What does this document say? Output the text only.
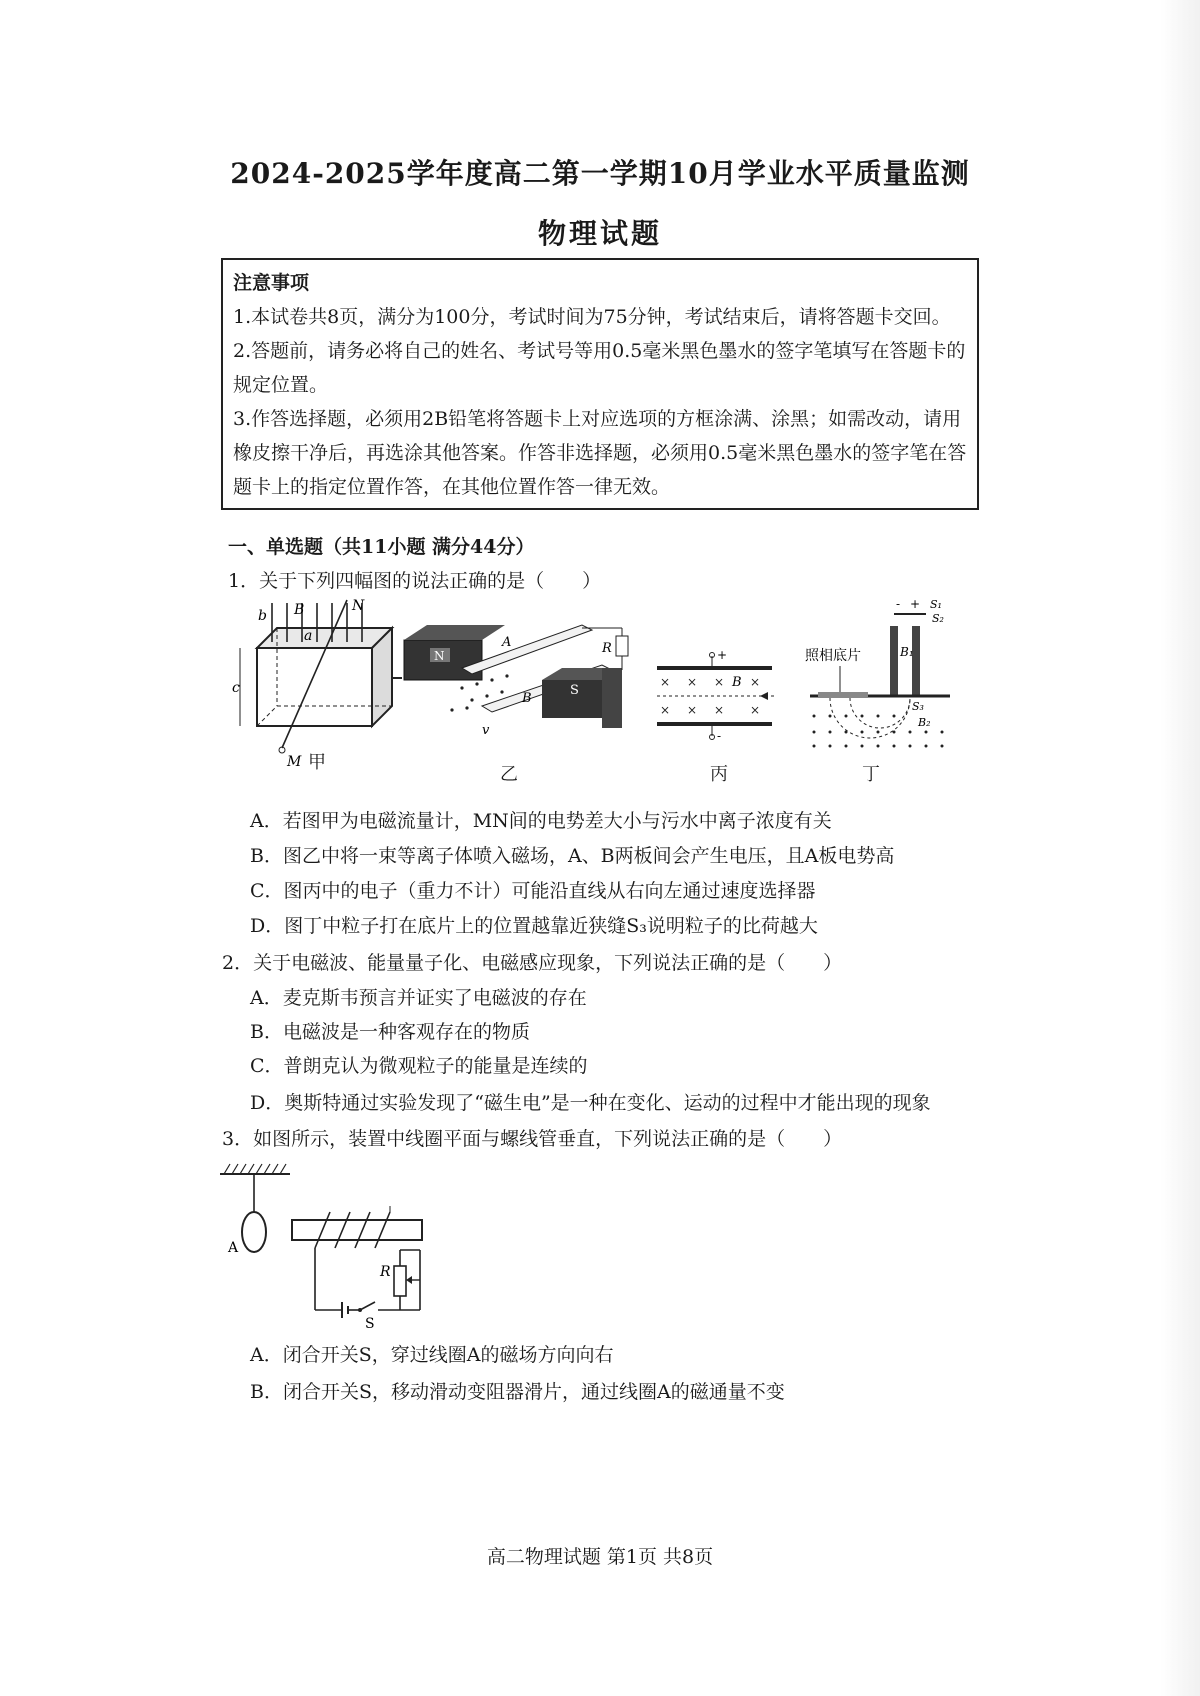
2024-2025学年度高二第一学期10月学业水平质量监测
物理试题

注意事项

1.本试卷共8页，满分为100分，考试时间为75分钟，考试结束后，请将答题卡交回。

2.答题前，请务必将自己的姓名、考试号等用0.5毫米黑色墨水的签字笔填写在答题卡的规定位置。

3.作答选择题，必须用2B铅笔将答题卡上对应选项的方框涂满、涂黑；如需改动，请用橡皮擦干净后，再选涂其他答案。作答非选择题，必须用0.5毫米黑色墨水的签字笔在答题卡上的指定位置作答，在其他位置作答一律无效。

一、单选题（共11小题 满分44分）
1．关于下列四幅图的说法正确的是（　　）
B	N
b
a
c
M 甲
N
S
A
B
R
v
乙
+
-
× × × ×
× × × ×
B
丙
- + S₁
S₂
B₁
照相底片
S₃
B₂
丁
A．若图甲为电磁流量计，MN间的电势差大小与污水中离子浓度有关
B．图乙中将一束等离子体喷入磁场，A、B两板间会产生电压，且A板电势高
C．图丙中的电子（重力不计）可能沿直线从右向左通过速度选择器
D．图丁中粒子打在底片上的位置越靠近狭缝S₃说明粒子的比荷越大
2．关于电磁波、能量量子化、电磁感应现象，下列说法正确的是（　　）
A．麦克斯韦预言并证实了电磁波的存在
B．电磁波是一种客观存在的物质
C．普朗克认为微观粒子的能量是连续的
D．奥斯特通过实验发现了“磁生电”是一种在变化、运动的过程中才能出现的现象
3．如图所示，装置中线圈平面与螺线管垂直，下列说法正确的是（　　）
A
S
R
A．闭合开关S，穿过线圈A的磁场方向向右
B．闭合开关S，移动滑动变阻器滑片，通过线圈A的磁通量不变
高二物理试题 第1页 共8页
